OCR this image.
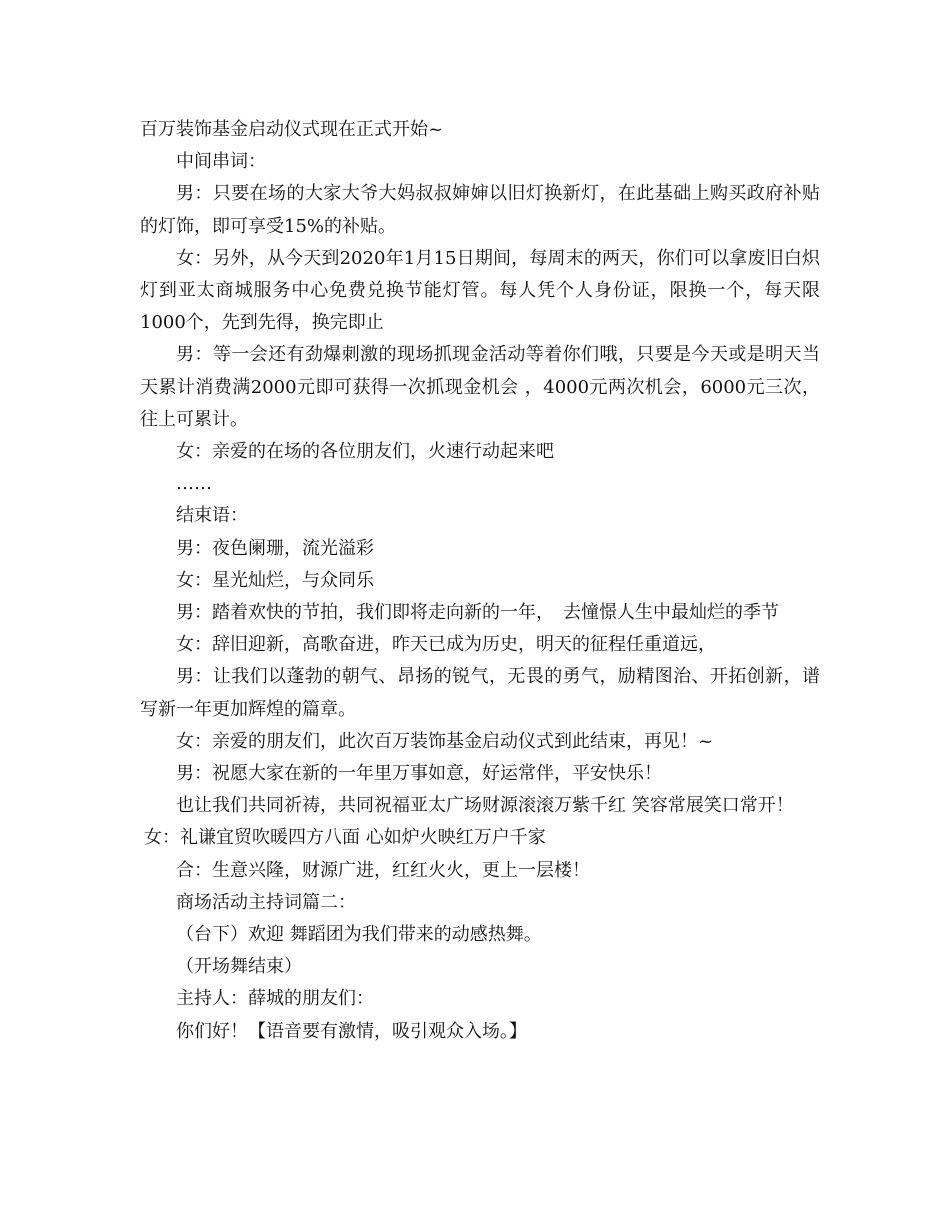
百万装饰基金启动仪式现在正式开始~

中间串词：

男：只要在场的大家大爷大妈叔叔婶婶以旧灯换新灯，在此基础上购买政府补贴的灯饰，即可享受15%的补贴。

女：另外，从今天到2020年1月15日期间，每周末的两天，你们可以拿废旧白炽灯到亚太商城服务中心免费兑换节能灯管。每人凭个人身份证，限换一个，每天限1000个，先到先得，换完即止

男：等一会还有劲爆刺激的现场抓现金活动等着你们哦，只要是今天或是明天当天累计消费满2000元即可获得一次抓现金机会 ，4000元两次机会，6000元三次，往上可累计。

女：亲爱的在场的各位朋友们，火速行动起来吧

……

结束语：

男：夜色阑珊，流光溢彩

女：星光灿烂，与众同乐

男：踏着欢快的节拍，我们即将走向新的一年，　去憧憬人生中最灿烂的季节

女：辞旧迎新，高歌奋进，昨天已成为历史，明天的征程任重道远，

男：让我们以蓬勃的朝气、昂扬的锐气，无畏的勇气，励精图治、开拓创新，谱写新一年更加辉煌的篇章。

女：亲爱的朋友们，此次百万装饰基金启动仪式到此结束，再见！~

男：祝愿大家在新的一年里万事如意，好运常伴，平安快乐！

也让我们共同祈祷，共同祝福亚太广场财源滚滚万紫千红 笑容常展笑口常开！

女：礼谦宜贸吹暖四方八面 心如炉火映红万户千家

合：生意兴隆，财源广进，红红火火，更上一层楼！

商场活动主持词篇二：

（台下）欢迎 舞蹈团为我们带来的动感热舞。

（开场舞结束）

主持人：薛城的朋友们：

你们好！【语音要有激情，吸引观众入场。】
